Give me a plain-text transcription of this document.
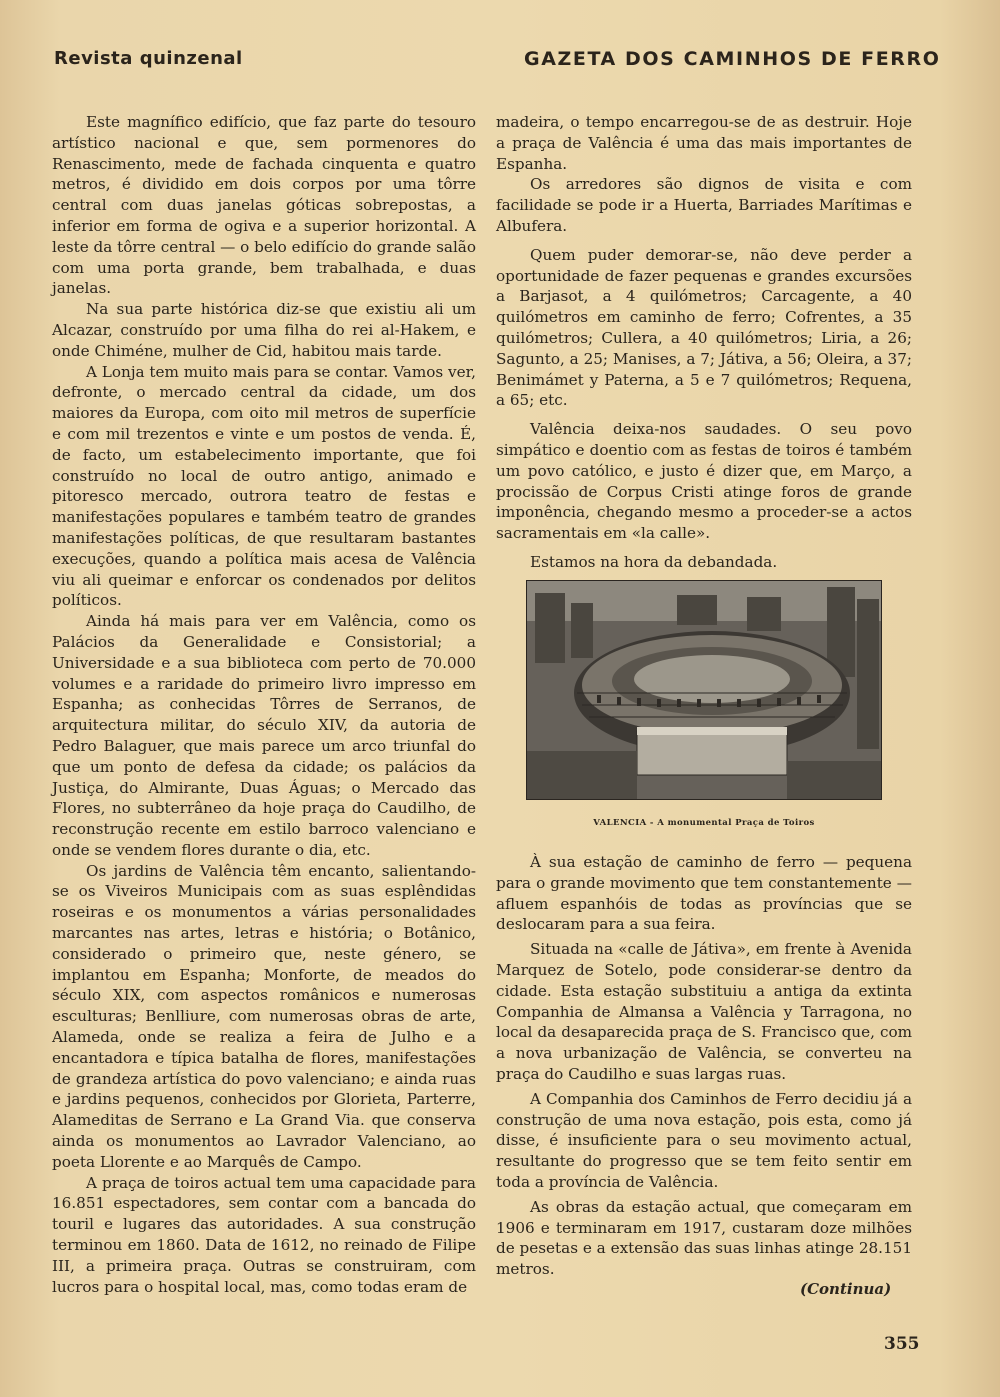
Revista quinzenal	GAZETA DOS CAMINHOS DE FERRO

Este magnífico edifício, que faz parte do tesouro artístico nacional e que, sem pormenores do Renascimento, mede de fachada cinquenta e quatro metros, é dividido em dois corpos por uma tôrre central com duas janelas góticas sobrepostas, a inferior em forma de ogiva e a superior horizontal. A leste da tôrre central — o belo edifício do grande salão com uma porta grande, bem trabalhada, e duas janelas.

Na sua parte histórica diz-se que existiu ali um Alcazar, construído por uma filha do rei al-Hakem, e onde Chiméne, mulher de Cid, habitou mais tarde.

A Lonja tem muito mais para se contar. Vamos ver, defronte, o mercado central da cidade, um dos maiores da Europa, com oito mil metros de superfície e com mil trezentos e vinte e um postos de venda. É, de facto, um estabelecimento importante, que foi construído no local de outro antigo, animado e pitoresco mercado, outrora teatro de festas e manifestações populares e também teatro de grandes manifestações políticas, de que resultaram bastantes execuções, quando a política mais acesa de Valência viu ali queimar e enforcar os condenados por delitos políticos.

Ainda há mais para ver em Valência, como os Palácios da Generalidade e Consistorial; a Universidade e a sua biblioteca com perto de 70.000 volumes e a raridade do primeiro livro impresso em Espanha; as conhecidas Tôrres de Serranos, de arquitectura militar, do século XIV, da autoria de Pedro Balaguer, que mais parece um arco triunfal do que um ponto de defesa da cidade; os palácios da Justiça, do Almirante, Duas Águas; o Mercado das Flores, no subterrâneo da hoje praça do Caudilho, de reconstrução recente em estilo barroco valenciano e onde se vendem flores durante o dia, etc.

Os jardins de Valência têm encanto, salientando-se os Viveiros Municipais com as suas esplêndidas roseiras e os monumentos a várias personalidades marcantes nas artes, letras e história; o Botânico, considerado o primeiro que, neste género, se implantou em Espanha; Monforte, de meados do século XIX, com aspectos românicos e numerosas esculturas; Benlliure, com numerosas obras de arte, Alameda, onde se realiza a feira de Julho e a encantadora e típica batalha de flores, manifestações de grandeza artística do povo valenciano; e ainda ruas e jardins pequenos, conhecidos por Glorieta, Parterre, Alameditas de Serrano e La Grand Via. que conserva ainda os monumentos ao Lavrador Valenciano, ao poeta Llorente e ao Marquês de Campo.

A praça de toiros actual tem uma capacidade para 16.851 espectadores, sem contar com a bancada do touril e lugares das autoridades. A sua construção terminou em 1860. Data de 1612, no reinado de Filipe III, a primeira praça. Outras se construiram, com lucros para o hospital local, mas, como todas eram de

madeira, o tempo encarregou-se de as destruir. Hoje a praça de Valência é uma das mais importantes de Espanha.

Os arredores são dignos de visita e com facilidade se pode ir a Huerta, Barriades Marítimas e Albufera.

Quem puder demorar-se, não deve perder a oportunidade de fazer pequenas e grandes excursões a Barjasot, a 4 quilómetros; Carcagente, a 40 quilómetros em caminho de ferro; Cofrentes, a 35 quilómetros; Cullera, a 40 quilómetros; Liria, a 26; Sagunto, a 25; Manises, a 7; Játiva, a 56; Oleira, a 37; Benimámet y Paterna, a 5 e 7 quilómetros; Requena, a 65; etc.

Valência deixa-nos saudades. O seu povo simpático e doentio com as festas de toiros é também um povo católico, e justo é dizer que, em Março, a procissão de Corpus Cristi atinge foros de grande imponência, chegando mesmo a proceder-se a actos sacramentais em «la calle».

Estamos na hora da debandada.

VALENCIA - A monumental Praça de Toiros

À sua estação de caminho de ferro — pequena para o grande movimento que tem constantemente — afluem espanhóis de todas as províncias que se deslocaram para a sua feira.

Situada na «calle de Játiva», em frente à Avenida Marquez de Sotelo, pode considerar-se dentro da cidade. Esta estação substituiu a antiga da extinta Companhia de Almansa a Valência y Tarragona, no local da desaparecida praça de S. Francisco que, com a nova urbanização de Valência, se converteu na praça do Caudilho e suas largas ruas.

A Companhia dos Caminhos de Ferro decidiu já a construção de uma nova estação, pois esta, como já disse, é insuficiente para o seu movimento actual, resultante do progresso que se tem feito sentir em toda a província de Valência.

As obras da estação actual, que começaram em 1906 e terminaram em 1917, custaram doze milhões de pesetas e a extensão das suas linhas atinge 28.151 metros.

(Continua)
355
